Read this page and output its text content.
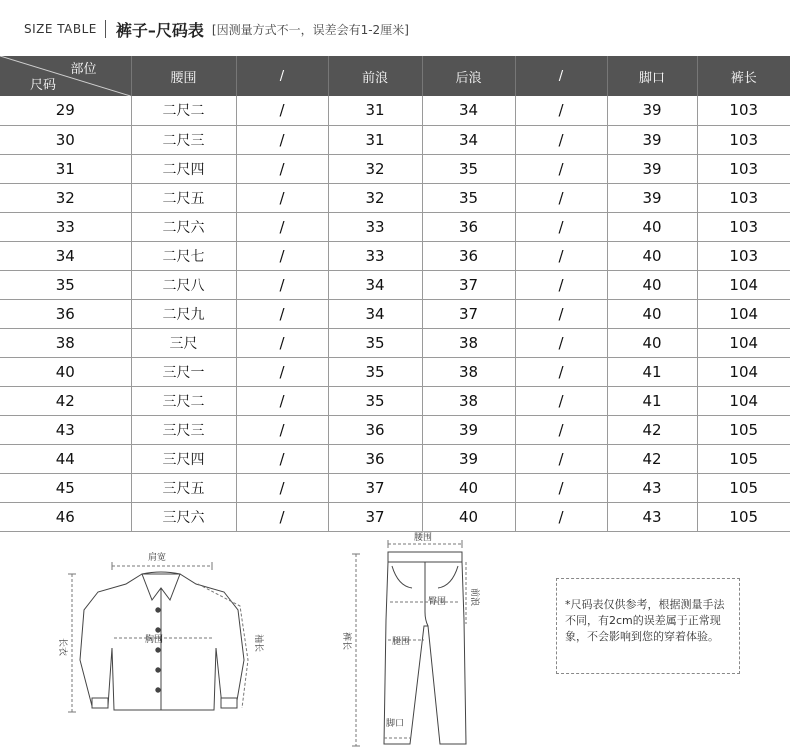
SIZE TABLE 裤子–尺码表 [因测量方式不一，误差会有1-2厘米]
部位
尺码	腰围	/	前浪	后浪	/	脚口	裤长
29	二尺二	/	31	34	/	39	103
30	二尺三	/	31	34	/	39	103
31	二尺四	/	32	35	/	39	103
32	二尺五	/	32	35	/	39	103
33	二尺六	/	33	36	/	40	103
34	二尺七	/	33	36	/	40	103
35	二尺八	/	34	37	/	40	104
36	二尺九	/	34	37	/	40	104
38	三尺	/	35	38	/	40	104
40	三尺一	/	35	38	/	41	104
42	三尺二	/	35	38	/	41	104
43	三尺三	/	36	39	/	42	105
44	三尺四	/	36	39	/	42	105
45	三尺五	/	37	40	/	43	105
46	三尺六	/	37	40	/	43	105
肩宽
胸围
长衣	袖长
腰围
臀围
腿围
脚口
裤长
前浪	*尺码表仅供参考，根据测量手法不同，有2cm的误差属于正常现象，不会影响到您的穿着体验。
